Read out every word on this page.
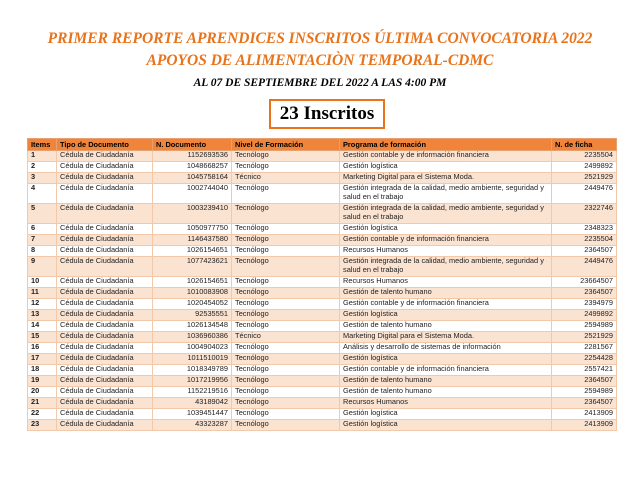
PRIMER REPORTE APRENDICES INSCRITOS ÚLTIMA CONVOCATORIA 2022
APOYOS DE ALIMENTACIÒN TEMPORAL-CDMC
AL 07 DE SEPTIEMBRE DEL 2022 A LAS 4:00 PM
23 Inscritos
Items	Tipo de Documento	N. Documento	Nivel de Formación	Programa de formación	N. de ficha
1	Cédula de Ciudadanía	1152693536	Tecnólogo	Gestión contable y de información financiera	2235504
2	Cédula de Ciudadanía	1048668257	Tecnólogo	Gestión logística	2499892
3	Cédula de Ciudadanía	1045758164	Técnico	Marketing Digital para el Sistema Moda.	2521929
4	Cédula de Ciudadanía	1002744040	Tecnólogo	Gestión integrada de la calidad, medio ambiente, seguridad y salud en el trabajo	2449476
5	Cédula de Ciudadanía	1003239410	Tecnólogo	Gestión integrada de la calidad, medio ambiente, seguridad y salud en el trabajo	2322746
6	Cédula de Ciudadanía	1050977750	Tecnólogo	Gestión logística	2348323
7	Cédula de Ciudadanía	1146437580	Tecnólogo	Gestión contable y de información financiera	2235504
8	Cédula de Ciudadanía	1026154651	Tecnólogo	Recursos Humanos	2364507
9	Cédula de Ciudadanía	1077423621	Tecnólogo	Gestión integrada de la calidad, medio ambiente, seguridad y salud en el trabajo	2449476
10	Cédula de Ciudadanía	1026154651	Tecnólogo	Recursos Humanos	23664507
11	Cédula de Ciudadanía	1010083908	Tecnólogo	Gestión de talento humano	2364507
12	Cédula de Ciudadanía	1020454052	Tecnólogo	Gestión contable y de información financiera	2394979
13	Cédula de Ciudadanía	92535551	Tecnólogo	Gestión logística	2499892
14	Cédula de Ciudadanía	1026134548	Tecnólogo	Gestión de talento humano	2594989
15	Cédula de Ciudadanía	1036960386	Técnico	Marketing Digital para el Sistema Moda.	2521929
16	Cédula de Ciudadanía	1004904023	Tecnólogo	Análisis y desarrollo de sistemas de información	2281567
17	Cédula de Ciudadanía	1011510019	Tecnólogo	Gestión logística	2254428
18	Cédula de Ciudadanía	1018349789	Tecnólogo	Gestión contable y de información financiera	2557421
19	Cédula de Ciudadanía	1017219956	Tecnólogo	Gestión de talento humano	2364507
20	Cédula de Ciudadanía	1152219516	Tecnólogo	Gestión de talento humano	2594989
21	Cédula de Ciudadanía	43189042	Tecnólogo	Recursos Humanos	2364507
22	Cédula de Ciudadanía	1039451447	Tecnólogo	Gestión logística	2413909
23	Cédula de Ciudadanía	43323287	Tecnólogo	Gestión logística	2413909
